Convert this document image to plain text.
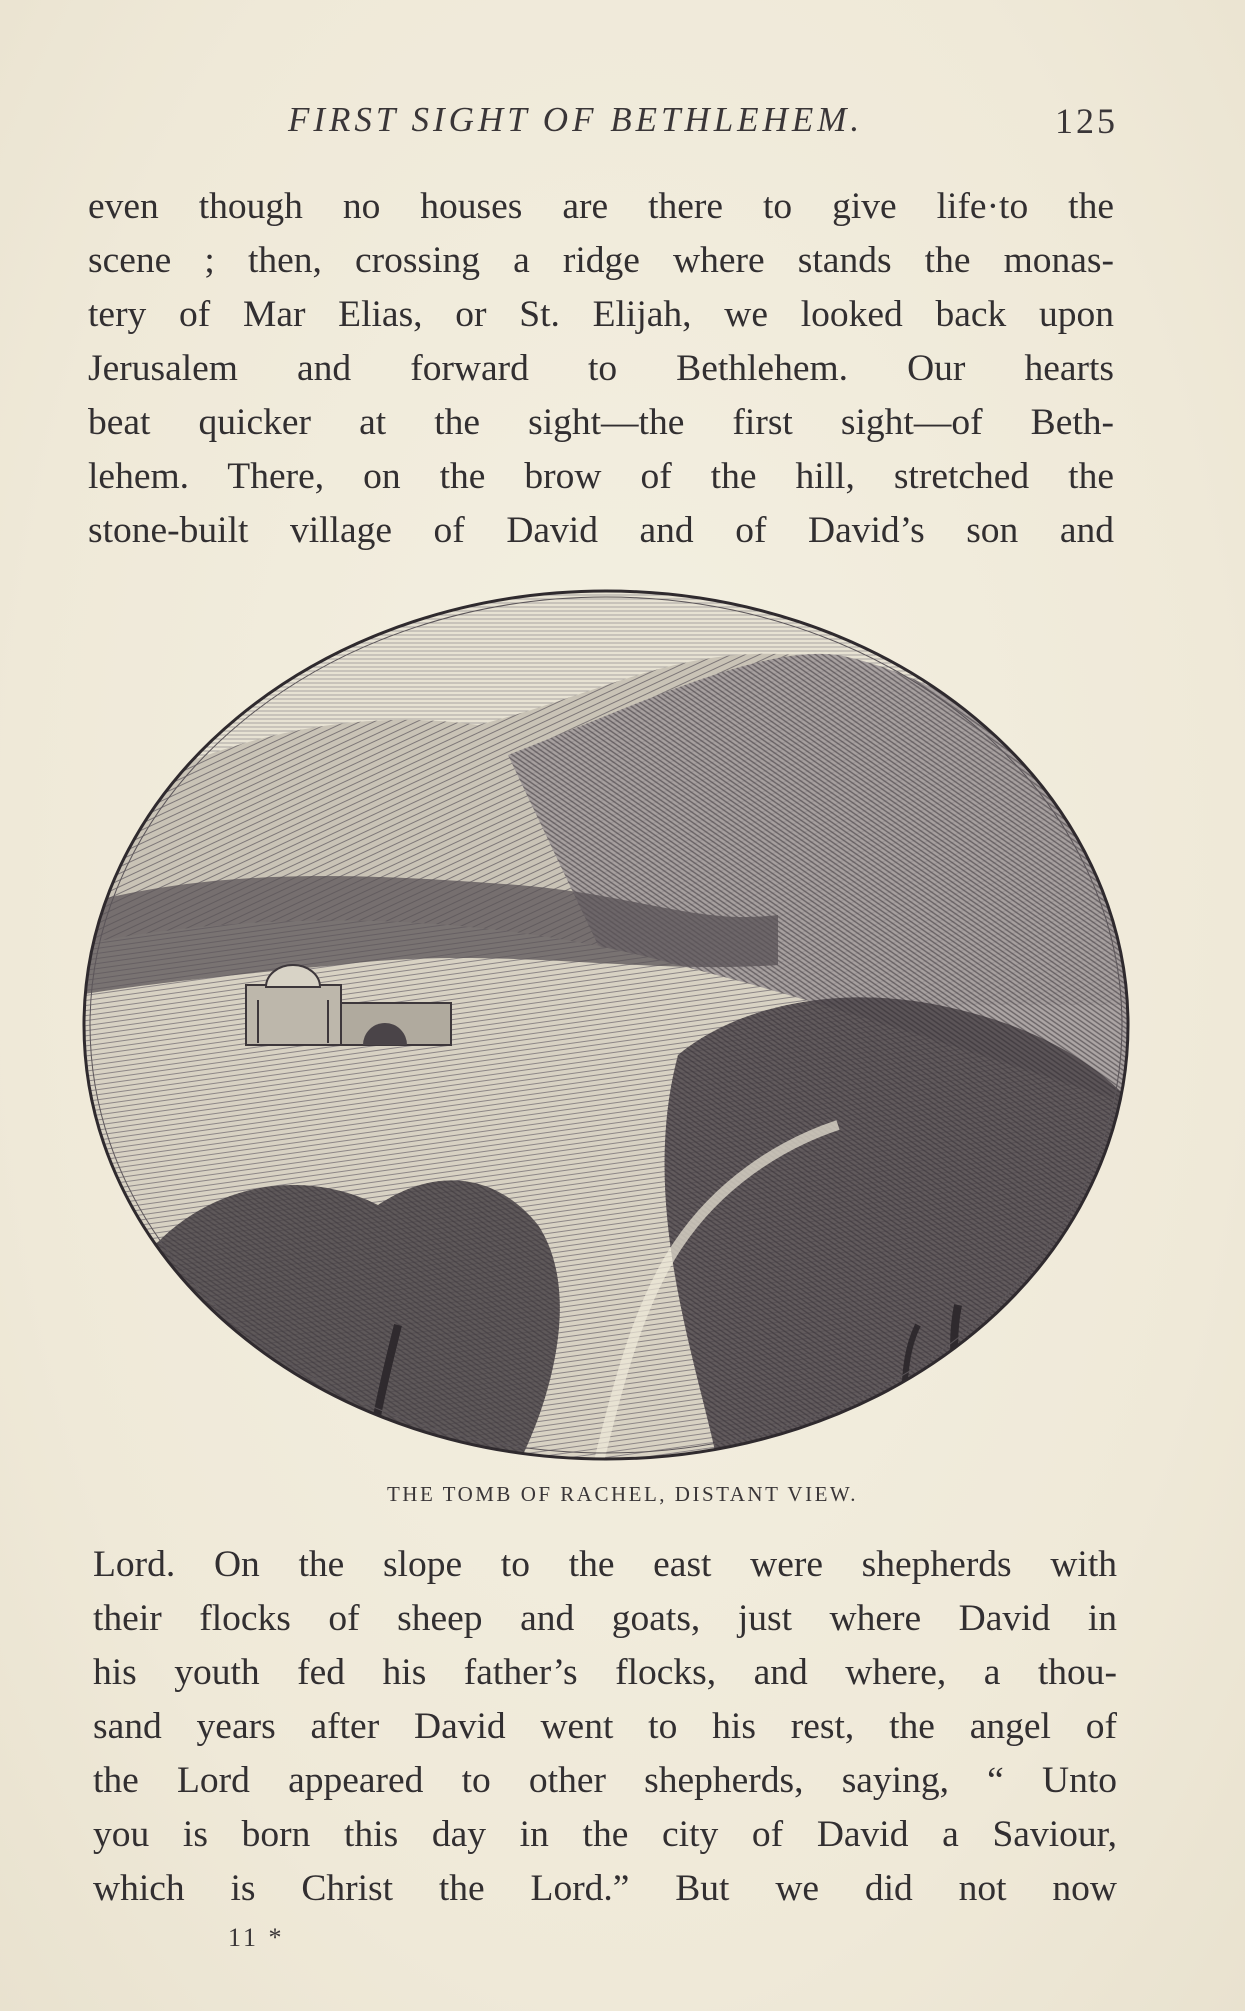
FIRST SIGHT OF BETHLEHEM.	125
even though no houses are there to give life·to the
scene ; then, crossing a ridge where stands the monas-
tery of Mar Elias, or St. Elijah, we looked back upon
Jerusalem and forward to Bethlehem. Our hearts
beat quicker at the sight—the first sight—of Beth-
lehem. There, on the brow of the hill, stretched the
stone-built village of David and of David’s son and
THE TOMB OF RACHEL, DISTANT VIEW.
Lord. On the slope to the east were shepherds with
their flocks of sheep and goats, just where David in
his youth fed his father’s flocks, and where, a thou-
sand years after David went to his rest, the angel of
the Lord appeared to other shepherds, saying, “ Unto
you is born this day in the city of David a Saviour,
which is Christ the Lord.” But we did not now
11 *
